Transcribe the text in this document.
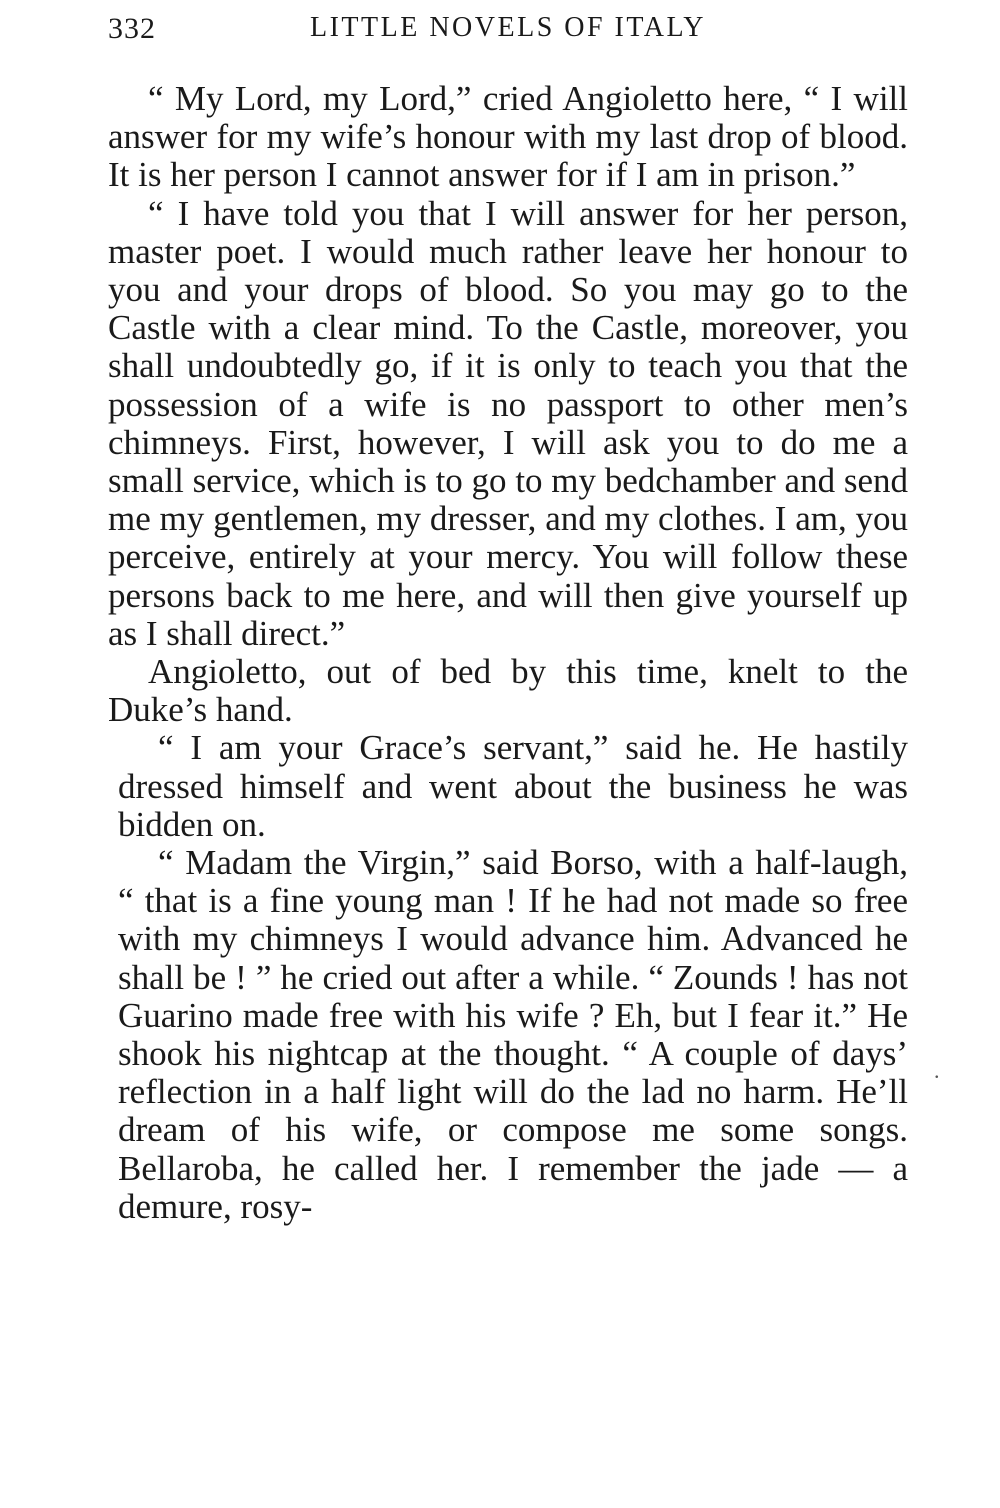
332	LITTLE NOVELS OF ITALY

“ My Lord, my Lord,” cried Angioletto here, “ I will answer for my wife’s honour with my last drop of blood. It is her person I cannot answer for if I am in prison.”

“ I have told you that I will answer for her person, master poet. I would much rather leave her honour to you and your drops of blood. So you may go to the Castle with a clear mind. To the Castle, moreover, you shall undoubtedly go, if it is only to teach you that the possession of a wife is no passport to other men’s chimneys. First, however, I will ask you to do me a small service, which is to go to my bedchamber and send me my gentlemen, my dresser, and my clothes. I am, you perceive, entirely at your mercy. You will follow these persons back to me here, and will then give yourself up as I shall direct.”

Angioletto, out of bed by this time, knelt to the Duke’s hand.

“ I am your Grace’s servant,” said he. He hastily dressed himself and went about the business he was bidden on.

“ Madam the Virgin,” said Borso, with a half-laugh, “ that is a fine young man ! If he had not made so free with my chimneys I would advance him. Advanced he shall be ! ” he cried out after a while. “ Zounds ! has not Guarino made free with his wife ? Eh, but I fear it.” He shook his nightcap at the thought. “ A couple of days’ reflection in a half light will do the lad no harm. He’ll dream of his wife, or compose me some songs. Bellaroba, he called her. I remember the jade — a demure, rosy-

.
